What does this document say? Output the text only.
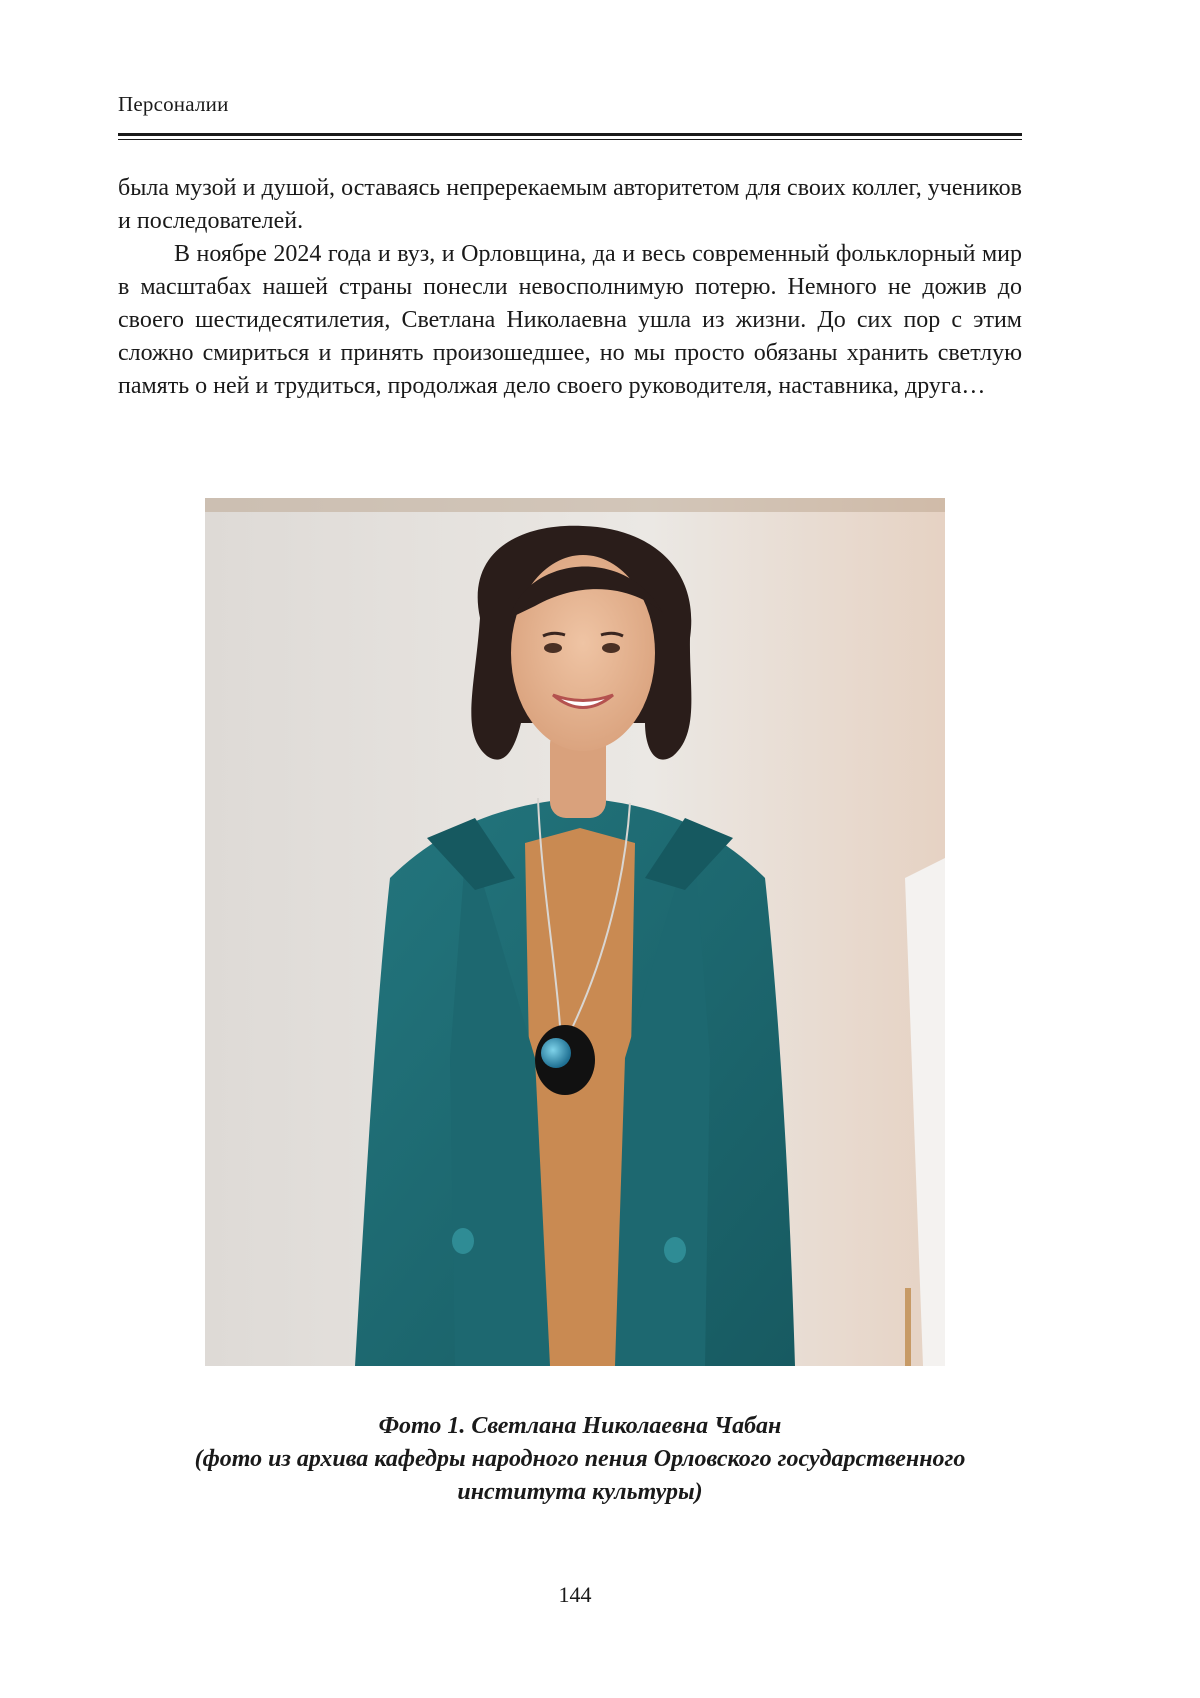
Персоналии

была музой и душой, оставаясь непререкаемым авторитетом для своих коллег, учеников и последователей.

В ноябре 2024 года и вуз, и Орловщина, да и весь современный фольклорный мир в масштабах нашей страны понесли невосполнимую потерю. Немного не дожив до своего шестидесятилетия, Светлана Николаевна ушла из жизни. До сих пор с этим сложно смириться и принять произошедшее, но мы просто обязаны хранить светлую память о ней и трудиться, продолжая дело своего руководителя, наставника, друга…

Фото 1. Светлана Николаевна Чабан
(фото из архива кафедры народного пения Орловского государственного
института культуры)
144
